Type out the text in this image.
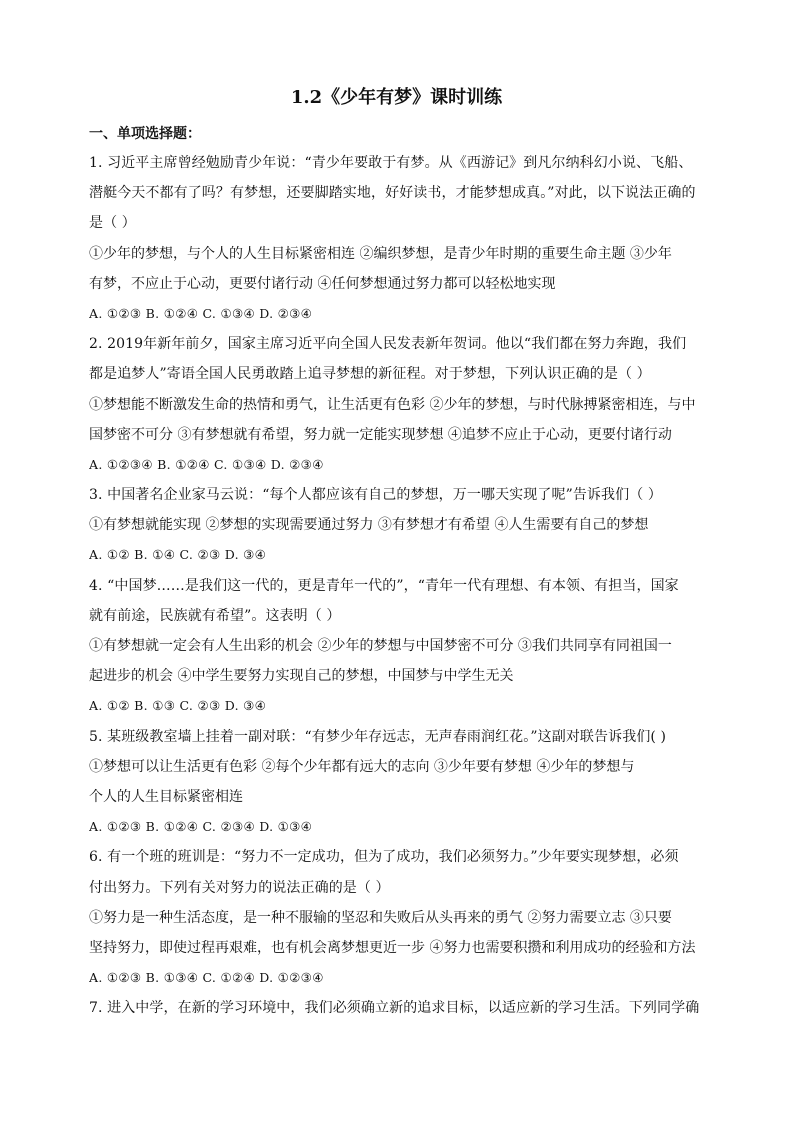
1.2《少年有梦》课时训练
一、单项选择题：
1. 习近平主席曾经勉励青少年说：“青少年要敢于有梦。从《西游记》到凡尔纳科幻小说、飞船、
潜艇今天不都有了吗？有梦想，还要脚踏实地，好好读书，才能梦想成真。”对此，以下说法正确的
是（ ）
①少年的梦想，与个人的人生目标紧密相连 ②编织梦想，是青少年时期的重要生命主题 ③少年
有梦，不应止于心动，更要付诸行动 ④任何梦想通过努力都可以轻松地实现
A. ①②③ B. ①②④ C. ①③④ D. ②③④
2. 2019年新年前夕，国家主席习近平向全国人民发表新年贺词。他以“我们都在努力奔跑，我们
都是追梦人”寄语全国人民勇敢踏上追寻梦想的新征程。对于梦想，下列认识正确的是（ ）
①梦想能不断激发生命的热情和勇气，让生活更有色彩 ②少年的梦想，与时代脉搏紧密相连，与中
国梦密不可分 ③有梦想就有希望，努力就一定能实现梦想 ④追梦不应止于心动，更要付诸行动
A. ①②③④ B. ①②④ C. ①③④ D. ②③④
3. 中国著名企业家马云说：“每个人都应该有自己的梦想，万一哪天实现了呢”告诉我们（ ）
①有梦想就能实现 ②梦想的实现需要通过努力 ③有梦想才有希望 ④人生需要有自己的梦想
A. ①② B. ①④ C. ②③ D. ③④
4. “中国梦……是我们这一代的，更是青年一代的”，“青年一代有理想、有本领、有担当，国家
就有前途，民族就有希望”。这表明（ ）
①有梦想就一定会有人生出彩的机会 ②少年的梦想与中国梦密不可分 ③我们共同享有同祖国一
起进步的机会 ④中学生要努力实现自己的梦想，中国梦与中学生无关
A. ①② B. ①③ C. ②③ D. ③④
5. 某班级教室墙上挂着一副对联：“有梦少年存远志，无声春雨润红花。”这副对联告诉我们( )
①梦想可以让生活更有色彩 ②每个少年都有远大的志向 ③少年要有梦想 ④少年的梦想与
个人的人生目标紧密相连
A. ①②③ B. ①②④ C. ②③④ D. ①③④
6. 有一个班的班训是：“努力不一定成功，但为了成功，我们必须努力。”少年要实现梦想，必须
付出努力。下列有关对努力的说法正确的是（ ）
①努力是一种生活态度，是一种不服输的坚忍和失败后从头再来的勇气 ②努力需要立志 ③只要
坚持努力，即使过程再艰难，也有机会离梦想更近一步 ④努力也需要积攒和利用成功的经验和方法
A. ①②③ B. ①③④ C. ①②④ D. ①②③④
7. 进入中学，在新的学习环境中，我们必须确立新的追求目标，以适应新的学习生活。下列同学确
